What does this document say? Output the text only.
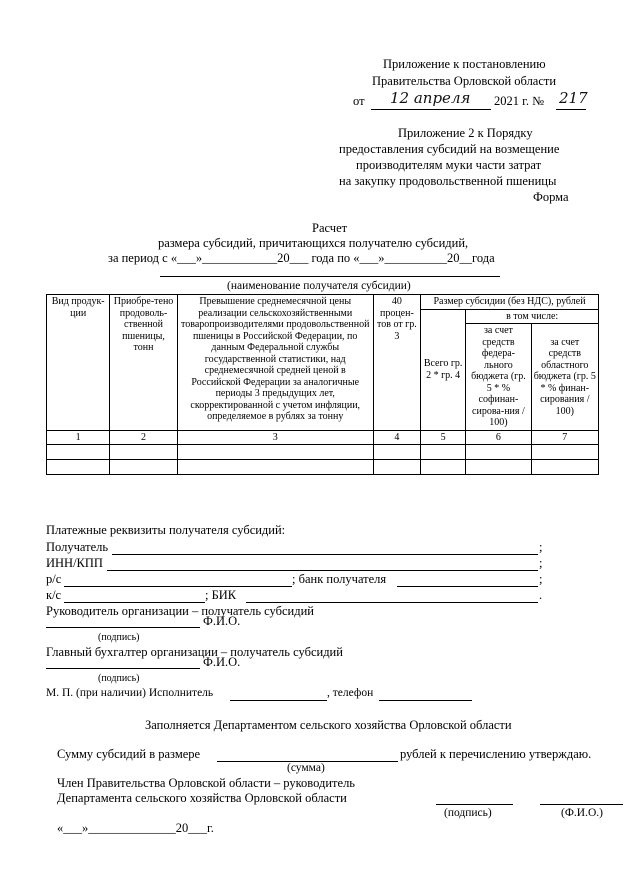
Приложение к постановлению
Правительства Орловской области
от 12 апреля 2021 г. № 217
Приложение 2 к Порядку
предоставления субсидий на возмещение
производителям муки части затрат
на закупку продовольственной пшеницы
Форма
Расчет
размера субсидий, причитающихся получателю субсидий,
за период с «___»____________20___ года по «___»__________20__года
(наименование получателя субсидии)
Вид продук-ции	Приобре-тено продоволь-ственной пшеницы, тонн	Превышение среднемесячной цены реализации сельскохозяйственными товаропроизводителями продовольственной пшеницы в Российской Федерации, по данным Федеральной службы государственной статистики, над среднемесячной средней ценой в Российской Федерации за аналогичные периоды 3 предыдущих лет, скорректированной с учетом инфляции, определяемое в рублях за тонну	40 процен-тов от гр. 3	Размер субсидии (без НДС), рублей		
				Всего гр. 2 * гр. 4	в том числе:	
					за счет средств федера-льного бюджета (гр. 5 * % софинан-сирова-ния / 100)	за счет средств областного бюджета (гр. 5 * % финан-сирования / 100)
1	2	3	4	5	6	7

Платежные реквизиты получателя субсидий:
Получатель	;
ИНН/КПП	;
р/с	; банк получателя	;
к/с	; БИК	.
Руководитель организации – получатель субсидий
Ф.И.О.
(подпись)
Главный бухгалтер организации – получатель субсидий
Ф.И.О.
(подпись)
М. П. (при наличии) Исполнитель	, телефон
Заполняется Департаментом сельского хозяйства Орловской области
Сумму субсидий в размере	рублей к перечислению утверждаю.
(сумма)
Член Правительства Орловской области – руководитель
Департамента сельского хозяйства Орловской области
(подпись)	(Ф.И.О.)
«___»______________20___г.
